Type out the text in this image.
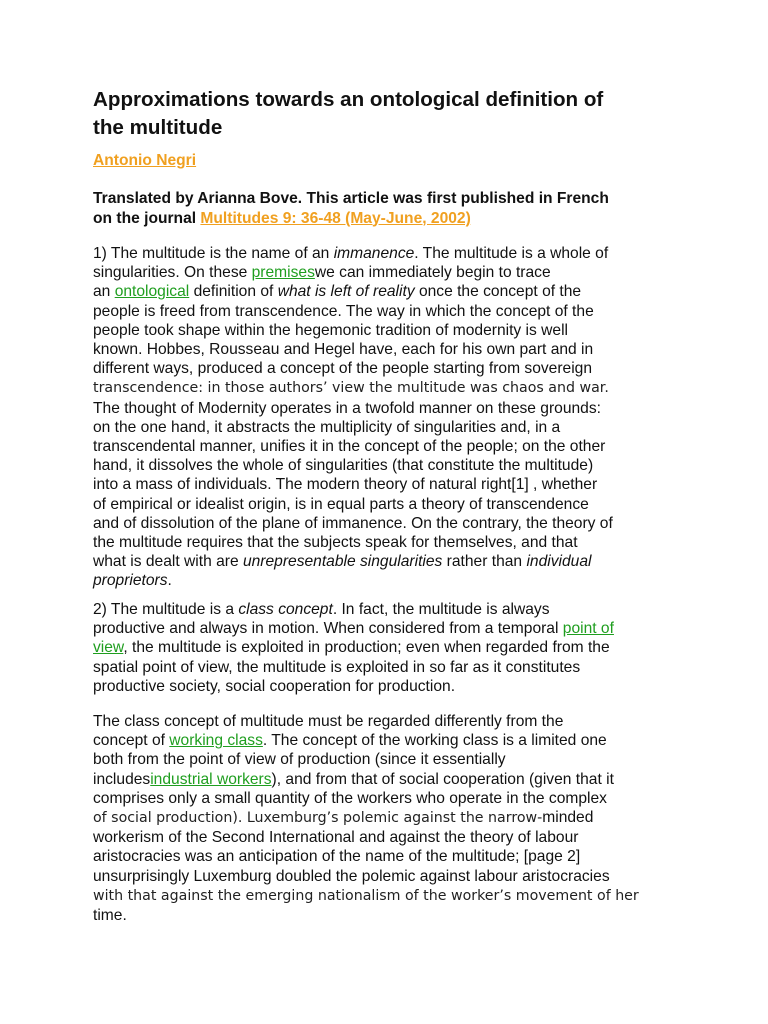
Approximations towards an ontological definition of
the multitude
Antonio Negri
Translated by Arianna Bove. This article was first published in French
on the journal Multitudes 9: 36-48 (May-June, 2002)
1) The multitude is the name of an immanence. The multitude is a whole of
singularities. On these premiseswe can immediately begin to trace
an ontological definition of what is left of reality once the concept of the
people is freed from transcendence. The way in which the concept of the
people took shape within the hegemonic tradition of modernity is well
known. Hobbes, Rousseau and Hegel have, each for his own part and in
different ways, produced a concept of the people starting from sovereign
transcendence: in those authors’ view the multitude was chaos and war.
The thought of Modernity operates in a twofold manner on these grounds:
on the one hand, it abstracts the multiplicity of singularities and, in a
transcendental manner, unifies it in the concept of the people; on the other
hand, it dissolves the whole of singularities (that constitute the multitude)
into a mass of individuals. The modern theory of natural right[1] , whether
of empirical or idealist origin, is in equal parts a theory of transcendence
and of dissolution of the plane of immanence. On the contrary, the theory of
the multitude requires that the subjects speak for themselves, and that
what is dealt with are unrepresentable singularities rather than individual
proprietors.
2) The multitude is a class concept. In fact, the multitude is always
productive and always in motion. When considered from a temporal point of
view, the multitude is exploited in production; even when regarded from the
spatial point of view, the multitude is exploited in so far as it constitutes
productive society, social cooperation for production.
The class concept of multitude must be regarded differently from the
concept of working class. The concept of the working class is a limited one
both from the point of view of production (since it essentially
includesindustrial workers), and from that of social cooperation (given that it
comprises only a small quantity of the workers who operate in the complex
of social production). Luxemburg’s polemic against the narrow-minded
workerism of the Second International and against the theory of labour
aristocracies was an anticipation of the name of the multitude; [page 2]
unsurprisingly Luxemburg doubled the polemic against labour aristocracies
with that against the emerging nationalism of the worker’s movement of her
time.
